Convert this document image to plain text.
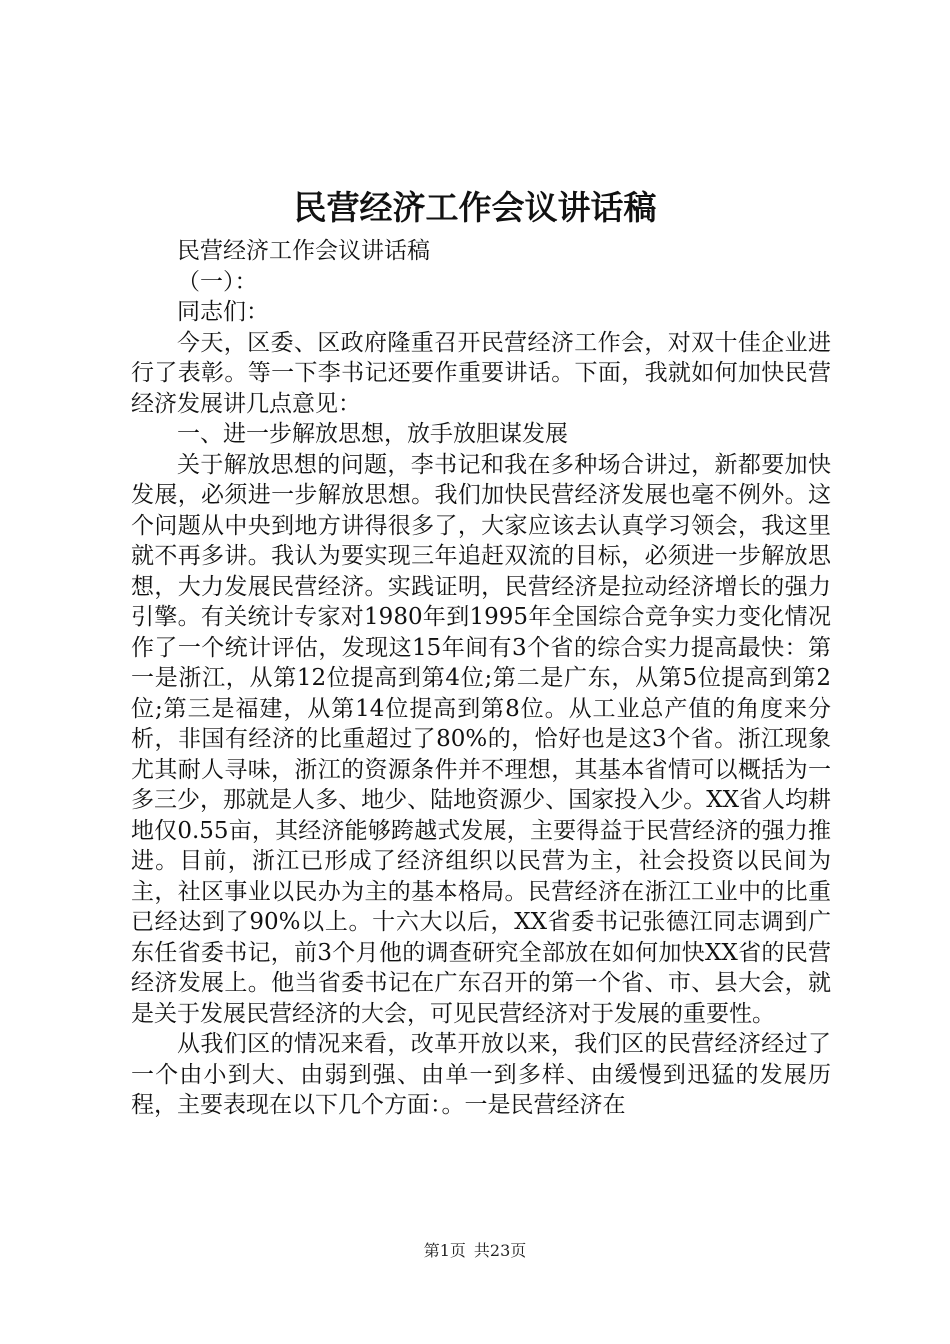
民营经济工作会议讲话稿

民营经济工作会议讲话稿

（一）：

同志们：

今天，区委、区政府隆重召开民营经济工作会，对双十佳企业进行了表彰。等一下李书记还要作重要讲话。下面，我就如何加快民营经济发展讲几点意见：

一、进一步解放思想，放手放胆谋发展

关于解放思想的问题，李书记和我在多种场合讲过，新都要加快发展，必须进一步解放思想。我们加快民营经济发展也毫不例外。这个问题从中央到地方讲得很多了，大家应该去认真学习领会，我这里就不再多讲。我认为要实现三年追赶双流的目标，必须进一步解放思想，大力发展民营经济。实践证明，民营经济是拉动经济增长的强力引擎。有关统计专家对1980年到1995年全国综合竞争实力变化情况作了一个统计评估，发现这15年间有3个省的综合实力提高最快：第一是浙江，从第12位提高到第4位;第二是广东，从第5位提高到第2位;第三是福建，从第14位提高到第8位。从工业总产值的角度来分析，非国有经济的比重超过了80%的，恰好也是这3个省。浙江现象尤其耐人寻味，浙江的资源条件并不理想，其基本省情可以概括为一多三少，那就是人多、地少、陆地资源少、国家投入少。XX省人均耕地仅0.55亩，其经济能够跨越式发展，主要得益于民营经济的强力推进。目前，浙江已形成了经济组织以民营为主，社会投资以民间为主，社区事业以民办为主的基本格局。民营经济在浙江工业中的比重已经达到了90%以上。十六大以后，XX省委书记张德江同志调到广东任省委书记，前3个月他的调查研究全部放在如何加快XX省的民营经济发展上。他当省委书记在广东召开的第一个省、市、县大会，就是关于发展民营经济的大会，可见民营经济对于发展的重要性。

从我们区的情况来看，改革开放以来，我们区的民营经济经过了一个由小到大、由弱到强、由单一到多样、由缓慢到迅猛的发展历程，主要表现在以下几个方面：。一是民营经济在

第1页 共23页
